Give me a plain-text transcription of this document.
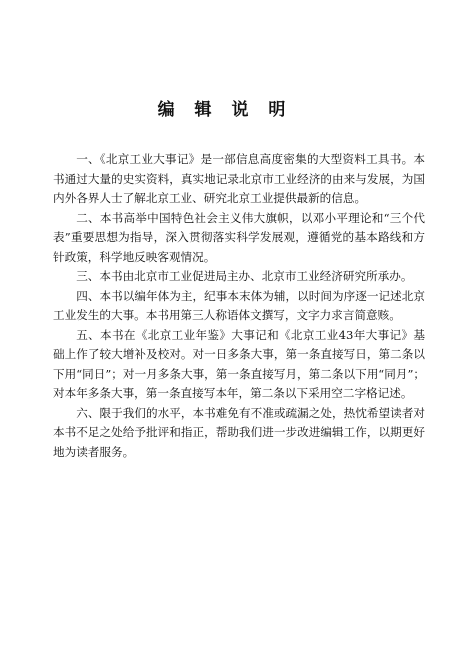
编 辑 说 明

一、《北京工业大事记》是一部信息高度密集的大型资料工具书。本书通过大量的史实资料，真实地记录北京市工业经济的由来与发展，为国内外各界人士了解北京工业、研究北京工业提供最新的信息。

二、本书高举中国特色社会主义伟大旗帜，以邓小平理论和“三个代表”重要思想为指导，深入贯彻落实科学发展观，遵循党的基本路线和方针政策，科学地反映客观情况。

三、本书由北京市工业促进局主办、北京市工业经济研究所承办。

四、本书以编年体为主，纪事本末体为辅，以时间为序逐一记述北京工业发生的大事。本书用第三人称语体文撰写，文字力求言简意赅。

五、本书在《北京工业年鉴》大事记和《北京工业43年大事记》基础上作了较大增补及校对。对一日多条大事，第一条直接写日，第二条以下用“同日”；对一月多条大事，第一条直接写月，第二条以下用“同月”；对本年多条大事，第一条直接写本年，第二条以下采用空二字格记述。

六、限于我们的水平，本书难免有不准或疏漏之处，热忱希望读者对本书不足之处给予批评和指正，帮助我们进一步改进编辑工作，以期更好地为读者服务。
